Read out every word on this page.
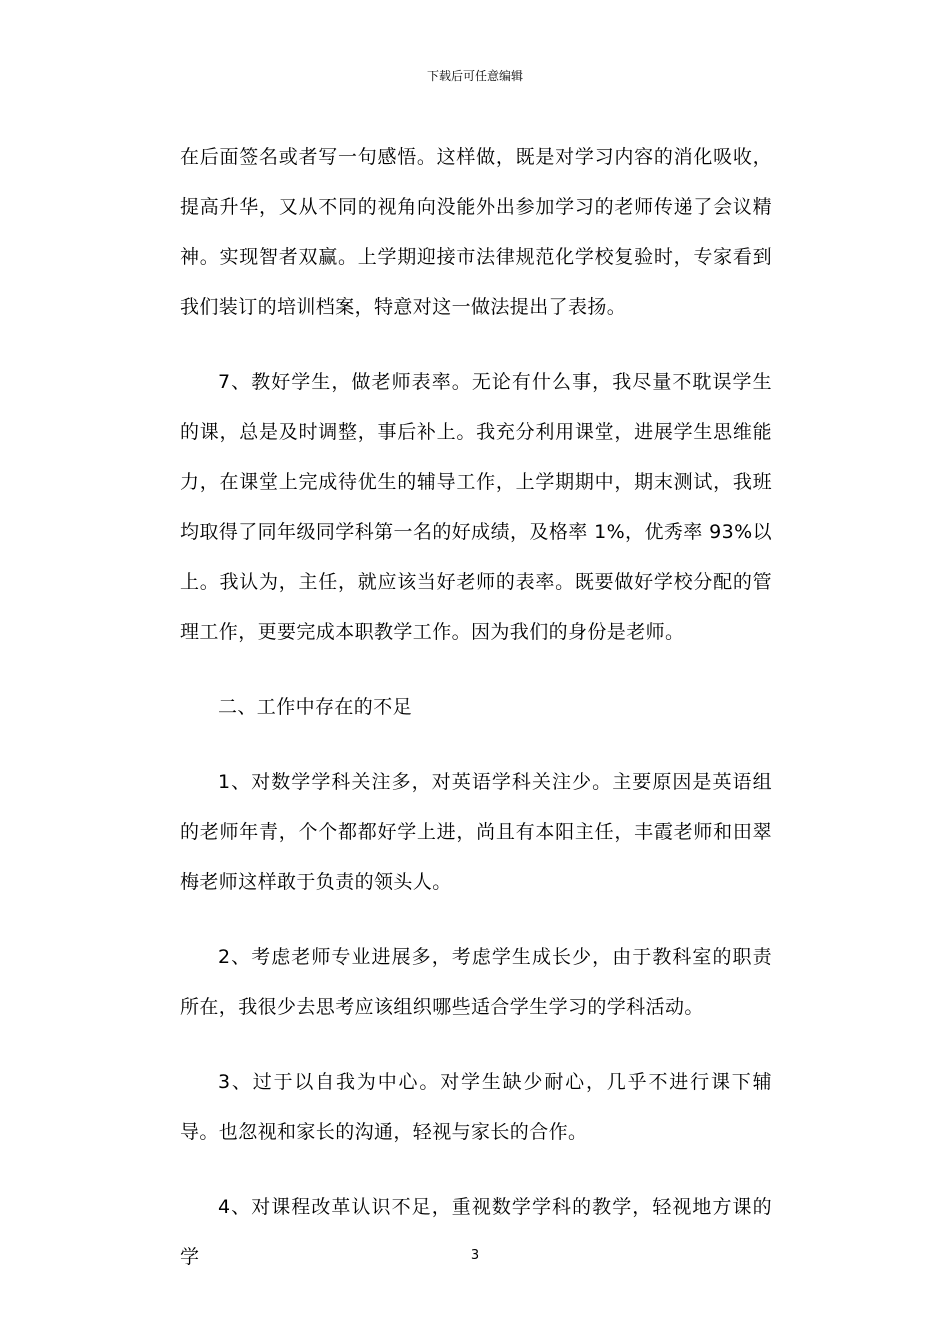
下载后可任意编辑

在后面签名或者写一句感悟。这样做，既是对学习内容的消化吸收，提高升华，又从不同的视角向没能外出参加学习的老师传递了会议精神。实现智者双赢。上学期迎接市法律规范化学校复验时，专家看到我们装订的培训档案，特意对这一做法提出了表扬。

7、教好学生，做老师表率。无论有什么事，我尽量不耽误学生的课，总是及时调整，事后补上。我充分利用课堂，进展学生思维能力，在课堂上完成待优生的辅导工作，上学期期中，期末测试，我班均取得了同年级同学科第一名的好成绩，及格率 1%，优秀率 93%以上。我认为，主任，就应该当好老师的表率。既要做好学校分配的管理工作，更要完成本职教学工作。因为我们的身份是老师。

二、工作中存在的不足

1、对数学学科关注多，对英语学科关注少。主要原因是英语组的老师年青，个个都都好学上进，尚且有本阳主任，丰霞老师和田翠梅老师这样敢于负责的领头人。

2、考虑老师专业进展多，考虑学生成长少，由于教科室的职责所在，我很少去思考应该组织哪些适合学生学习的学科活动。

3、过于以自我为中心。对学生缺少耐心，几乎不进行课下辅导。也忽视和家长的沟通，轻视与家长的合作。

4、对课程改革认识不足，重视数学学科的教学，轻视地方课的学	3
